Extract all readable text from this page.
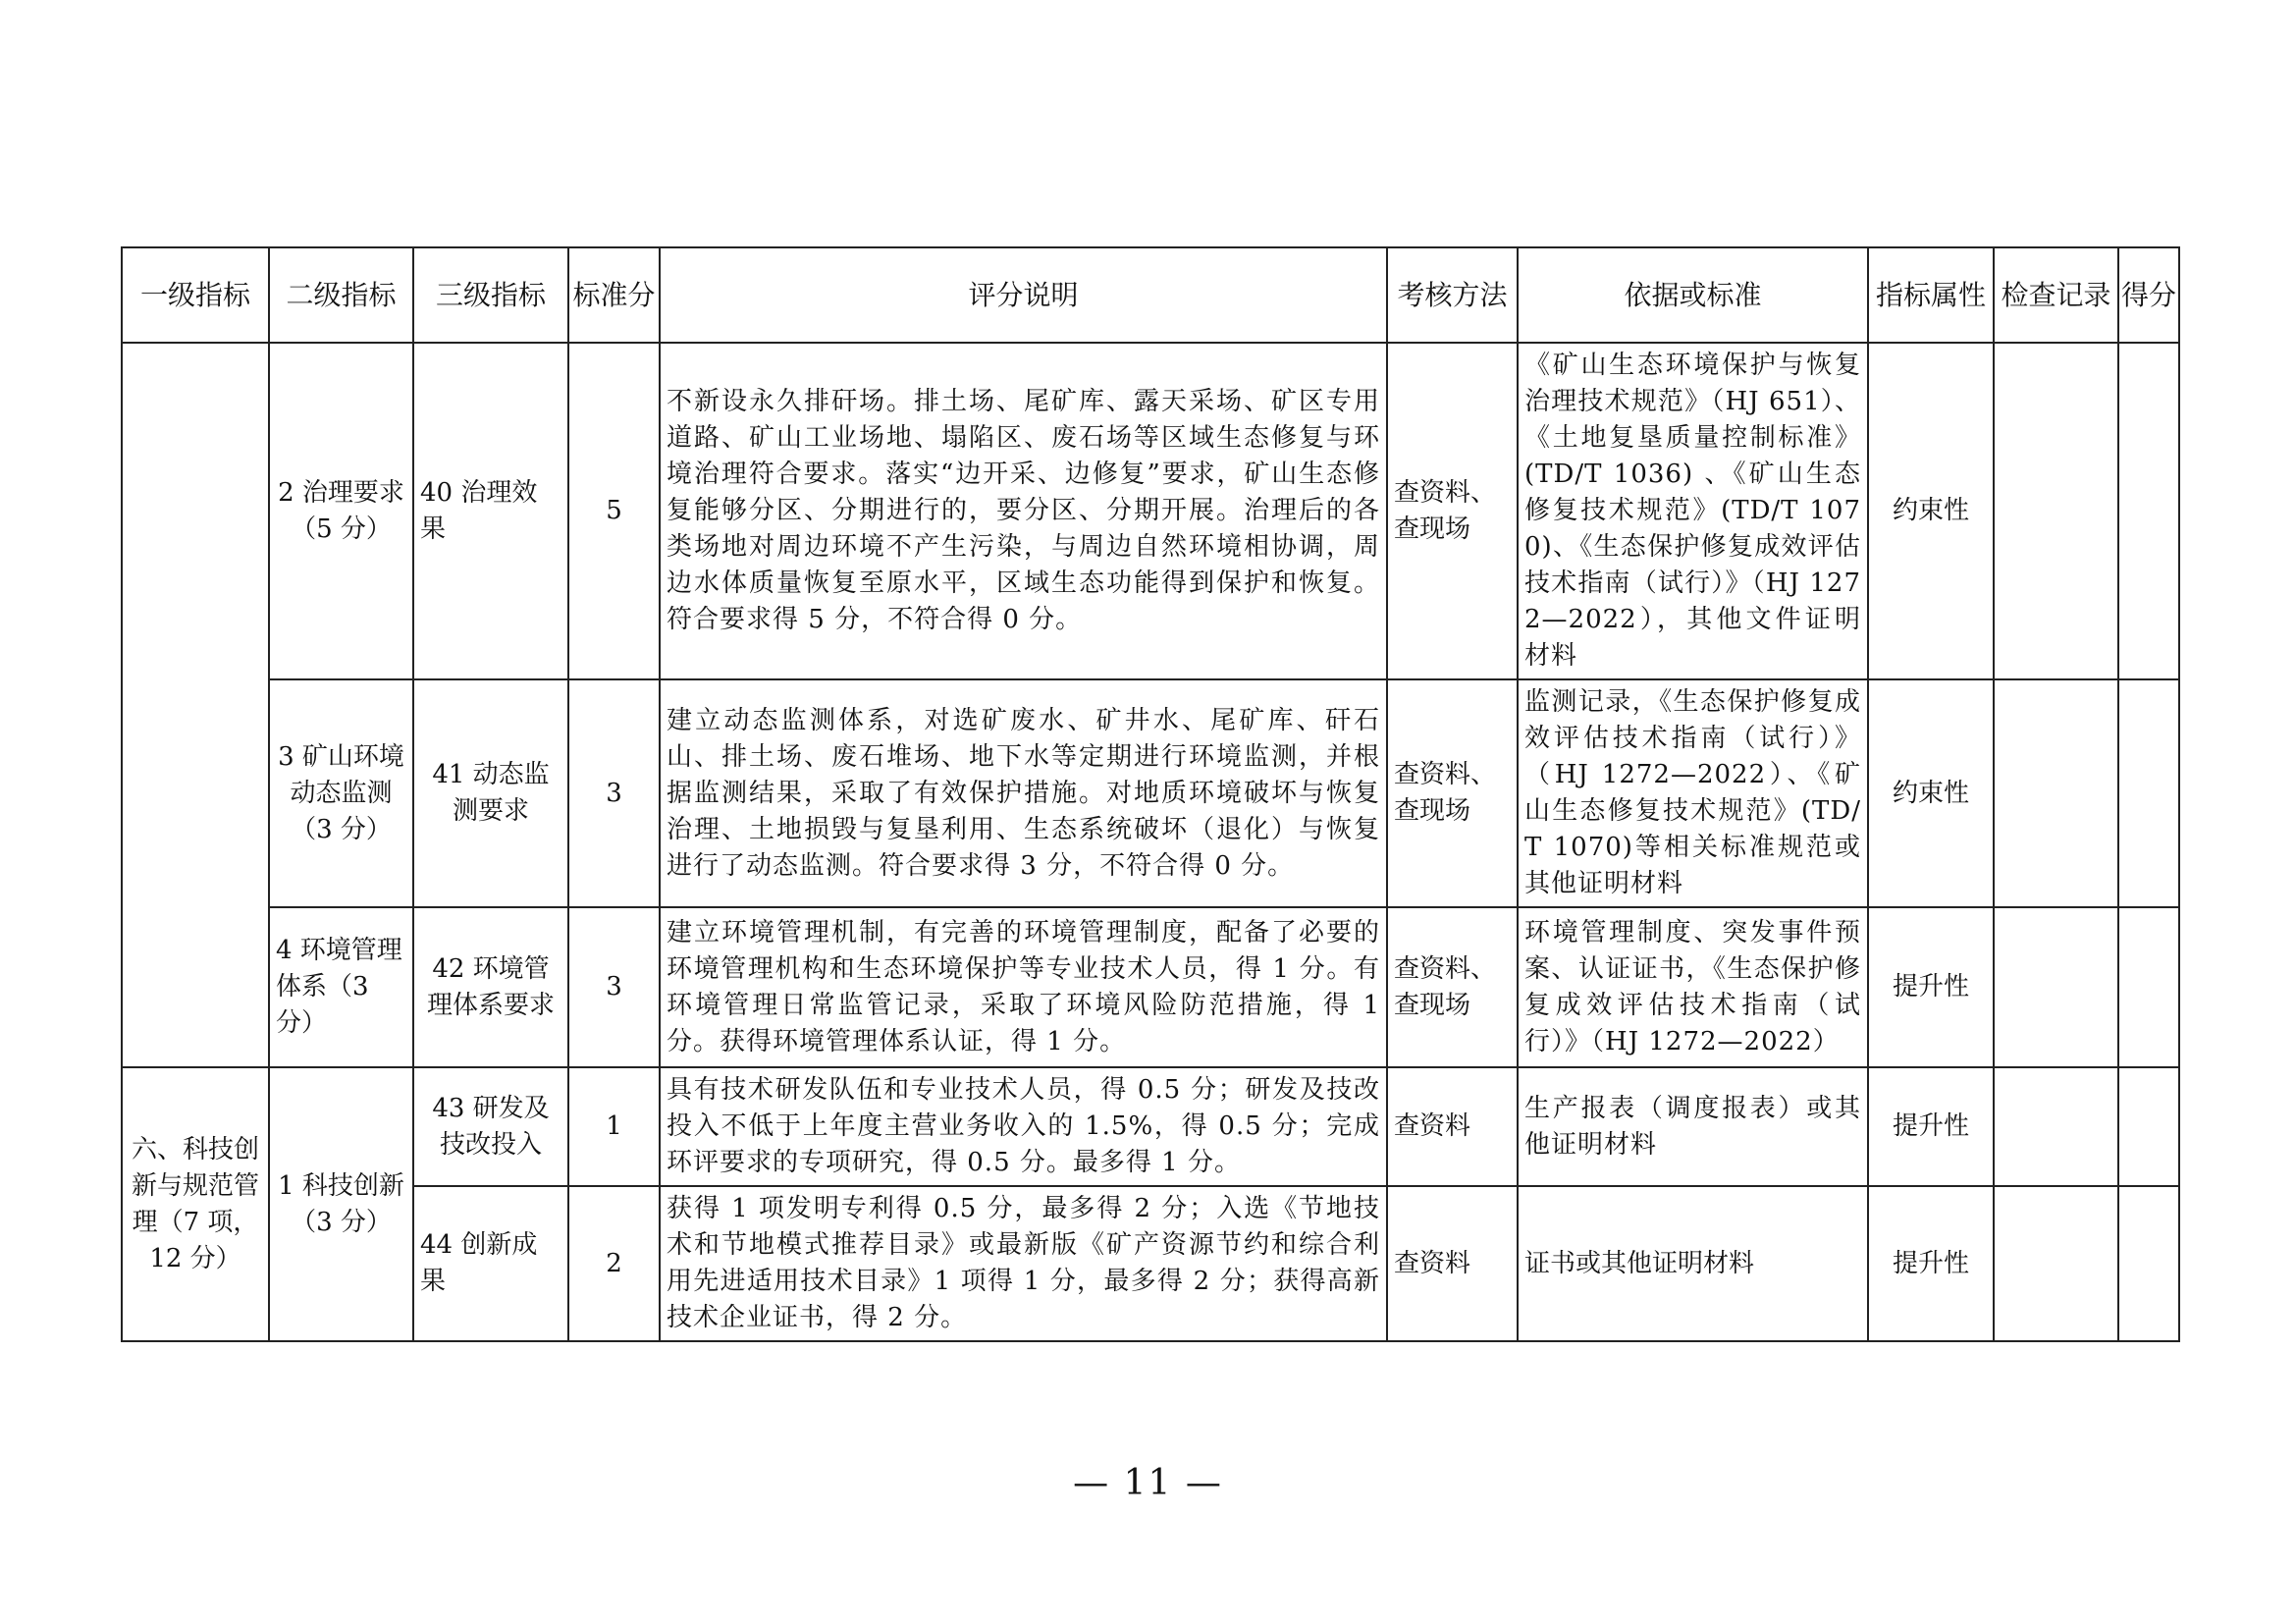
一级指标	二级指标	三级指标	标准分	评分说明	考核方法	依据或标准	指标属性	检查记录	得分
	2 治理要求（5 分）	40 治理效果	5	不新设永久排矸场。排土场、尾矿库、露天采场、矿区专用道路、矿山工业场地、塌陷区、废石场等区域生态修复与环境治理符合要求。落实“边开采、边修复”要求，矿山生态修复能够分区、分期进行的，要分区、分期开展。治理后的各类场地对周边环境不产生污染，与周边自然环境相协调，周边水体质量恢复至原水平，区域生态功能得到保护和恢复。符合要求得 5 分，不符合得 0 分。	查资料、查现场	《矿山生态环境保护与恢复治理技术规范》（HJ 651）、《土地复垦质量控制标准》(TD/T 1036) 、《矿山生态修复技术规范》(TD/T 1070)、《生态保护修复成效评估技术指南（试行）》（HJ 1272—2022），其他文件证明材料	约束性		
	3 矿山环境动态监测（3 分）	41 动态监测要求	3	建立动态监测体系，对选矿废水、矿井水、尾矿库、矸石山、排土场、废石堆场、地下水等定期进行环境监测，并根据监测结果，采取了有效保护措施。对地质环境破坏与恢复治理、土地损毁与复垦利用、生态系统破坏（退化）与恢复进行了动态监测。符合要求得 3 分，不符合得 0 分。	查资料、查现场	监测记录，《生态保护修复成效评估技术指南（试行）》（HJ 1272—2022）、《矿山生态修复技术规范》(TD/T 1070)等相关标准规范或其他证明材料	约束性		
	4 环境管理体系（3 分）	42 环境管理体系要求	3	建立环境管理机制，有完善的环境管理制度，配备了必要的环境管理机构和生态环境保护等专业技术人员，得 1 分。有环境管理日常监管记录，采取了环境风险防范措施，得 1 分。获得环境管理体系认证，得 1 分。	查资料、查现场	环境管理制度、突发事件预案、认证证书，《生态保护修复成效评估技术指南（试行）》（HJ 1272—2022）	提升性		
六、科技创新与规范管理（7 项，12 分）	1 科技创新（3 分）	43 研发及技改投入	1	具有技术研发队伍和专业技术人员，得 0.5 分；研发及技改投入不低于上年度主营业务收入的 1.5%，得 0.5 分；完成环评要求的专项研究，得 0.5 分。最多得 1 分。	查资料	生产报表（调度报表）或其他证明材料	提升性		
		44 创新成果	2	获得 1 项发明专利得 0.5 分，最多得 2 分；入选《节地技术和节地模式推荐目录》或最新版《矿产资源节约和综合利用先进适用技术目录》1 项得 1 分，最多得 2 分；获得高新技术企业证书，得 2 分。	查资料	证书或其他证明材料	提升性		
— 11 —
